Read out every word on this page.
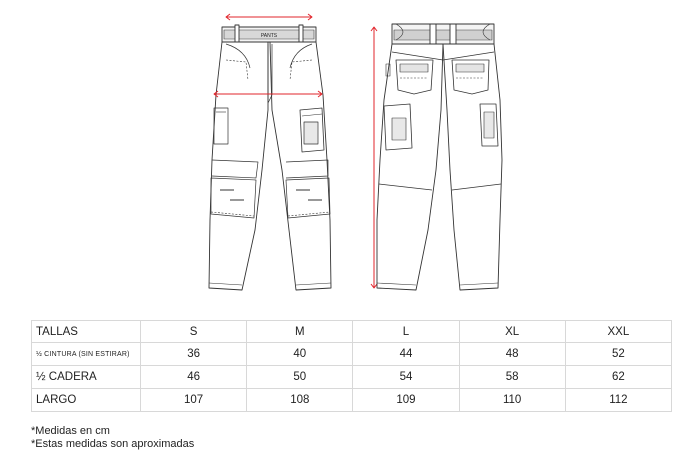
PANTS
TALLAS	S	M	L	XL	XXL
½ CINTURA (SIN ESTIRAR)	36	40	44	48	52
½ CADERA	46	50	54	58	62
LARGO	107	108	109	110	112
*Medidas en cm
*Estas medidas son aproximadas
